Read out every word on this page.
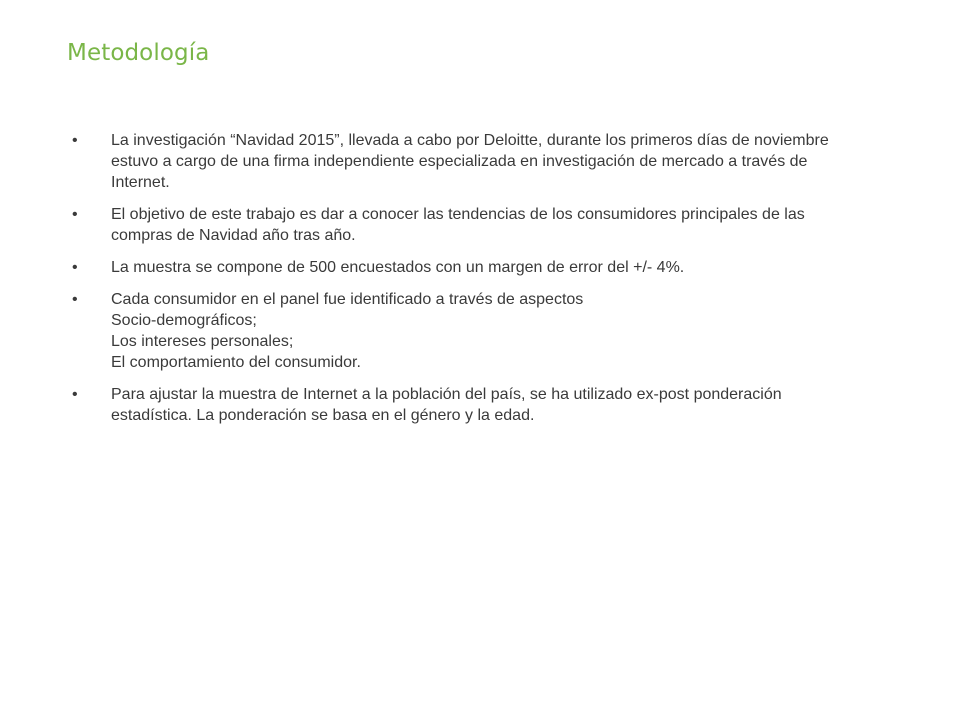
Metodología
• La investigación “Navidad 2015”, llevada a cabo por Deloitte, durante los primeros días de noviembre estuvo a cargo de una firma independiente especializada en investigación de mercado a través de Internet.
• El objetivo de este trabajo es dar a conocer las tendencias de los consumidores principales de las compras de Navidad año tras año.
• La muestra se compone de 500 encuestados con un margen de error del +/- 4%.
• Cada consumidor en el panel fue identificado a través de aspectos
Socio-demográficos;
Los intereses personales;
El comportamiento del consumidor.
• Para ajustar la muestra de Internet a la población del país, se ha utilizado ex-post ponderación estadística. La ponderación se basa en el género y la edad.
